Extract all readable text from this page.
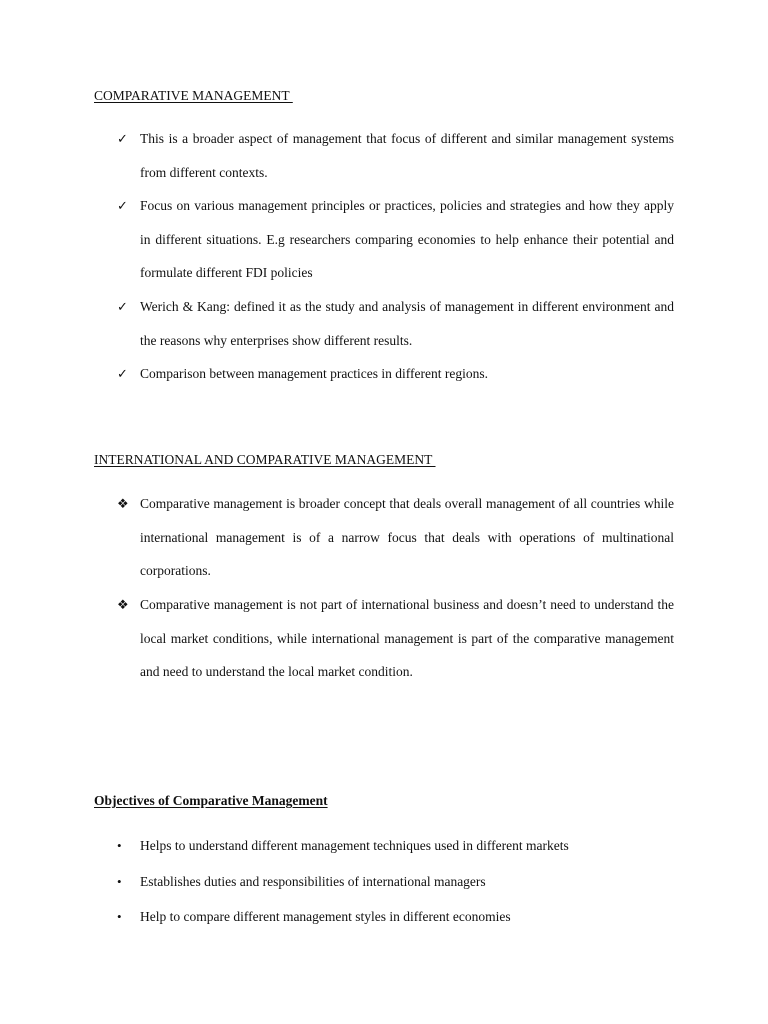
COMPARATIVE MANAGEMENT
✓ This is a broader aspect of management that focus of different and similar management systems from different contexts.
✓ Focus on various management principles or practices, policies and strategies and how they apply in different situations. E.g researchers comparing economies to help enhance their potential and formulate different FDI policies
✓ Werich & Kang: defined it as the study and analysis of management in different environment and the reasons why enterprises show different results.
✓ Comparison between management practices in different regions.
INTERNATIONAL AND COMPARATIVE MANAGEMENT
❖ Comparative management is broader concept that deals overall management of all countries while international management is of a narrow focus that deals with operations of multinational corporations.
❖ Comparative management is not part of international business and doesn’t need to understand the local market conditions, while international management is part of the comparative management and need to understand the local market condition.
Objectives of Comparative Management
•	Helps to understand different management techniques used in different markets
•	Establishes duties and responsibilities of international managers
•	Help to compare different management styles in different economies
